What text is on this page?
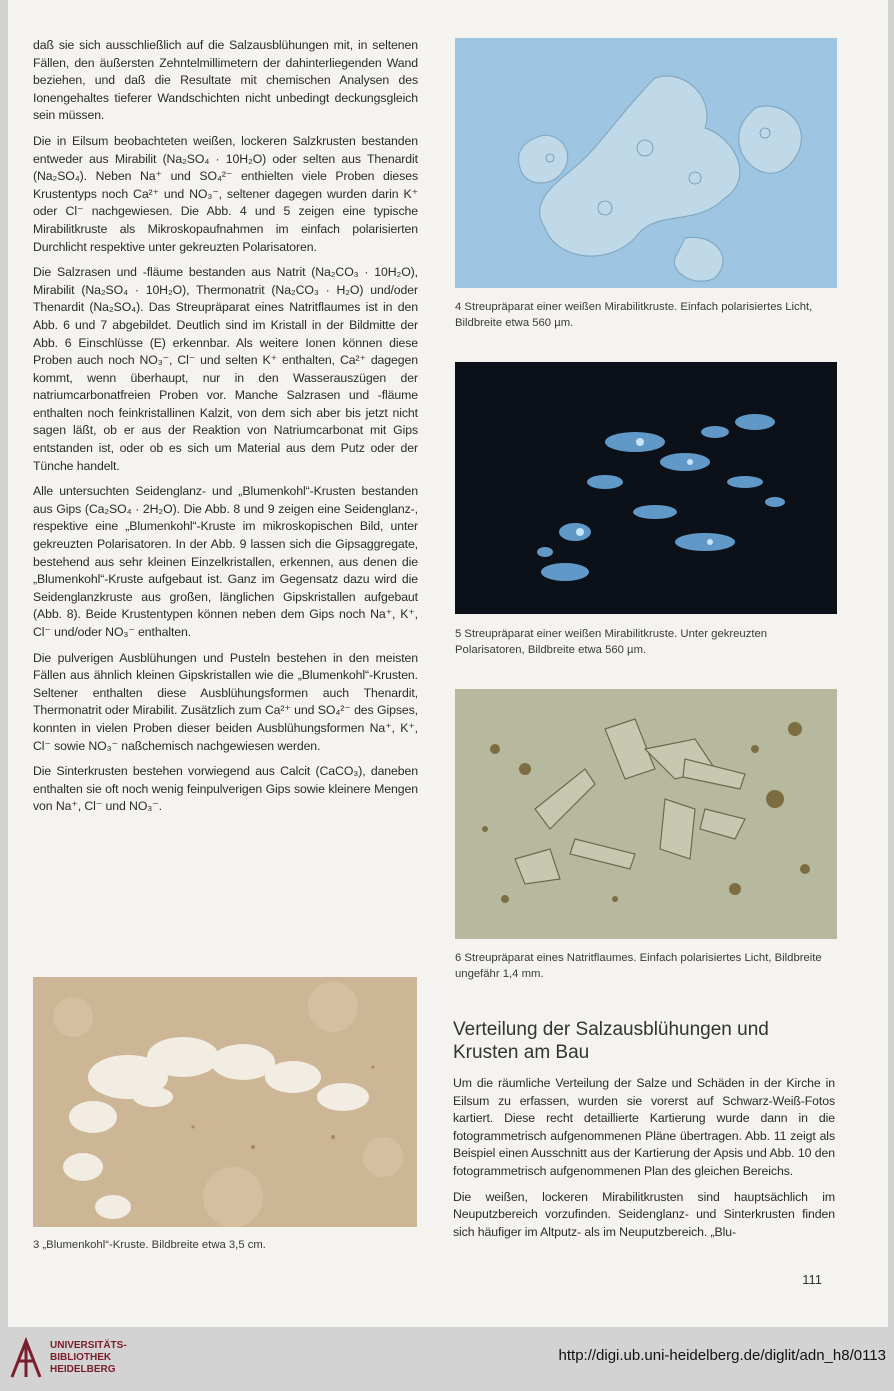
daß sie sich ausschließlich auf die Salzausblühungen mit, in seltenen Fällen, den äußersten Zehntelmillimetern der dahinterliegenden Wand beziehen, und daß die Resultate mit chemischen Analysen des Ionengehaltes tieferer Wandschichten nicht unbedingt deckungsgleich sein müssen.

Die in Eilsum beobachteten weißen, lockeren Salzkrusten bestanden entweder aus Mirabilit (Na₂SO₄ · 10H₂O) oder selten aus Thenardit (Na₂SO₄). Neben Na⁺ und SO₄²⁻ enthielten viele Proben dieses Krustentyps noch Ca²⁺ und NO₃⁻, seltener dagegen wurden darin K⁺ oder Cl⁻ nachgewiesen. Die Abb. 4 und 5 zeigen eine typische Mirabilitkruste als Mikroskopaufnahmen im einfach polarisierten Durchlicht respektive unter gekreuzten Polarisatoren.

Die Salzrasen und -fläume bestanden aus Natrit (Na₂CO₃ · 10H₂O), Mirabilit (Na₂SO₄ · 10H₂O), Thermonatrit (Na₂CO₃ · H₂O) und/oder Thenardit (Na₂SO₄). Das Streupräparat eines Natritflaumes ist in den Abb. 6 und 7 abgebildet. Deutlich sind im Kristall in der Bildmitte der Abb. 6 Einschlüsse (E) erkennbar. Als weitere Ionen können diese Proben auch noch NO₃⁻, Cl⁻ und selten K⁺ enthalten, Ca²⁺ dagegen kommt, wenn überhaupt, nur in den Wasserauszügen der natriumcarbonatfreien Proben vor. Manche Salzrasen und -fläume enthalten noch feinkristallinen Kalzit, von dem sich aber bis jetzt nicht sagen läßt, ob er aus der Reaktion von Natriumcarbonat mit Gips entstanden ist, oder ob es sich um Material aus dem Putz oder der Tünche handelt.

Alle untersuchten Seidenglanz- und „Blumenkohl“-Krusten bestanden aus Gips (Ca₂SO₄ · 2H₂O). Die Abb. 8 und 9 zeigen eine Seidenglanz-, respektive eine „Blumenkohl“-Kruste im mikroskopischen Bild, unter gekreuzten Polarisatoren. In der Abb. 9 lassen sich die Gipsaggregate, bestehend aus sehr kleinen Einzelkristallen, erkennen, aus denen die „Blumenkohl“-Kruste aufgebaut ist. Ganz im Gegensatz dazu wird die Seidenglanzkruste aus großen, länglichen Gipskristallen aufgebaut (Abb. 8). Beide Krustentypen können neben dem Gips noch Na⁺, K⁺, Cl⁻ und/oder NO₃⁻ enthalten.

Die pulverigen Ausblühungen und Pusteln bestehen in den meisten Fällen aus ähnlich kleinen Gipskristallen wie die „Blumenkohl“-Krusten. Seltener enthalten diese Ausblühungsformen auch Thenardit, Thermonatrit oder Mirabilit. Zusätzlich zum Ca²⁺ und SO₄²⁻ des Gipses, konnten in vielen Proben dieser beiden Ausblühungsformen Na⁺, K⁺, Cl⁻ sowie NO₃⁻ naßchemisch nachgewiesen werden.

Die Sinterkrusten bestehen vorwiegend aus Calcit (CaCO₃), daneben enthalten sie oft noch wenig feinpulverigen Gips sowie kleinere Mengen von Na⁺, Cl⁻ und NO₃⁻.

4 Streupräparat einer weißen Mirabilitkruste. Einfach polarisiertes Licht, Bildbreite etwa 560 µm.
5 Streupräparat einer weißen Mirabilitkruste. Unter gekreuzten Polarisatoren, Bildbreite etwa 560 µm.
6 Streupräparat eines Natritflaumes. Einfach polarisiertes Licht, Bildbreite ungefähr 1,4 mm.
3 „Blumenkohl“-Kruste. Bildbreite etwa 3,5 cm.
Verteilung der Salzausblühungen und Krusten am Bau

Um die räumliche Verteilung der Salze und Schäden in der Kirche in Eilsum zu erfassen, wurden sie vorerst auf Schwarz-Weiß-Fotos kartiert. Diese recht detaillierte Kartierung wurde dann in die fotogrammetrisch aufgenommenen Pläne übertragen. Abb. 11 zeigt als Beispiel einen Ausschnitt aus der Kartierung der Apsis und Abb. 10 den fotogrammetrisch aufgenommenen Plan des gleichen Bereichs.

Die weißen, lockeren Mirabilitkrusten sind hauptsächlich im Neuputzbereich vorzufinden. Seidenglanz- und Sinterkrusten finden sich häufiger im Altputz- als im Neuputzbereich. „Blu-

111
UNIVERSITÄTS-
BIBLIOTHEK
HEIDELBERG
http://digi.ub.uni-heidelberg.de/diglit/adn_h8/0113
